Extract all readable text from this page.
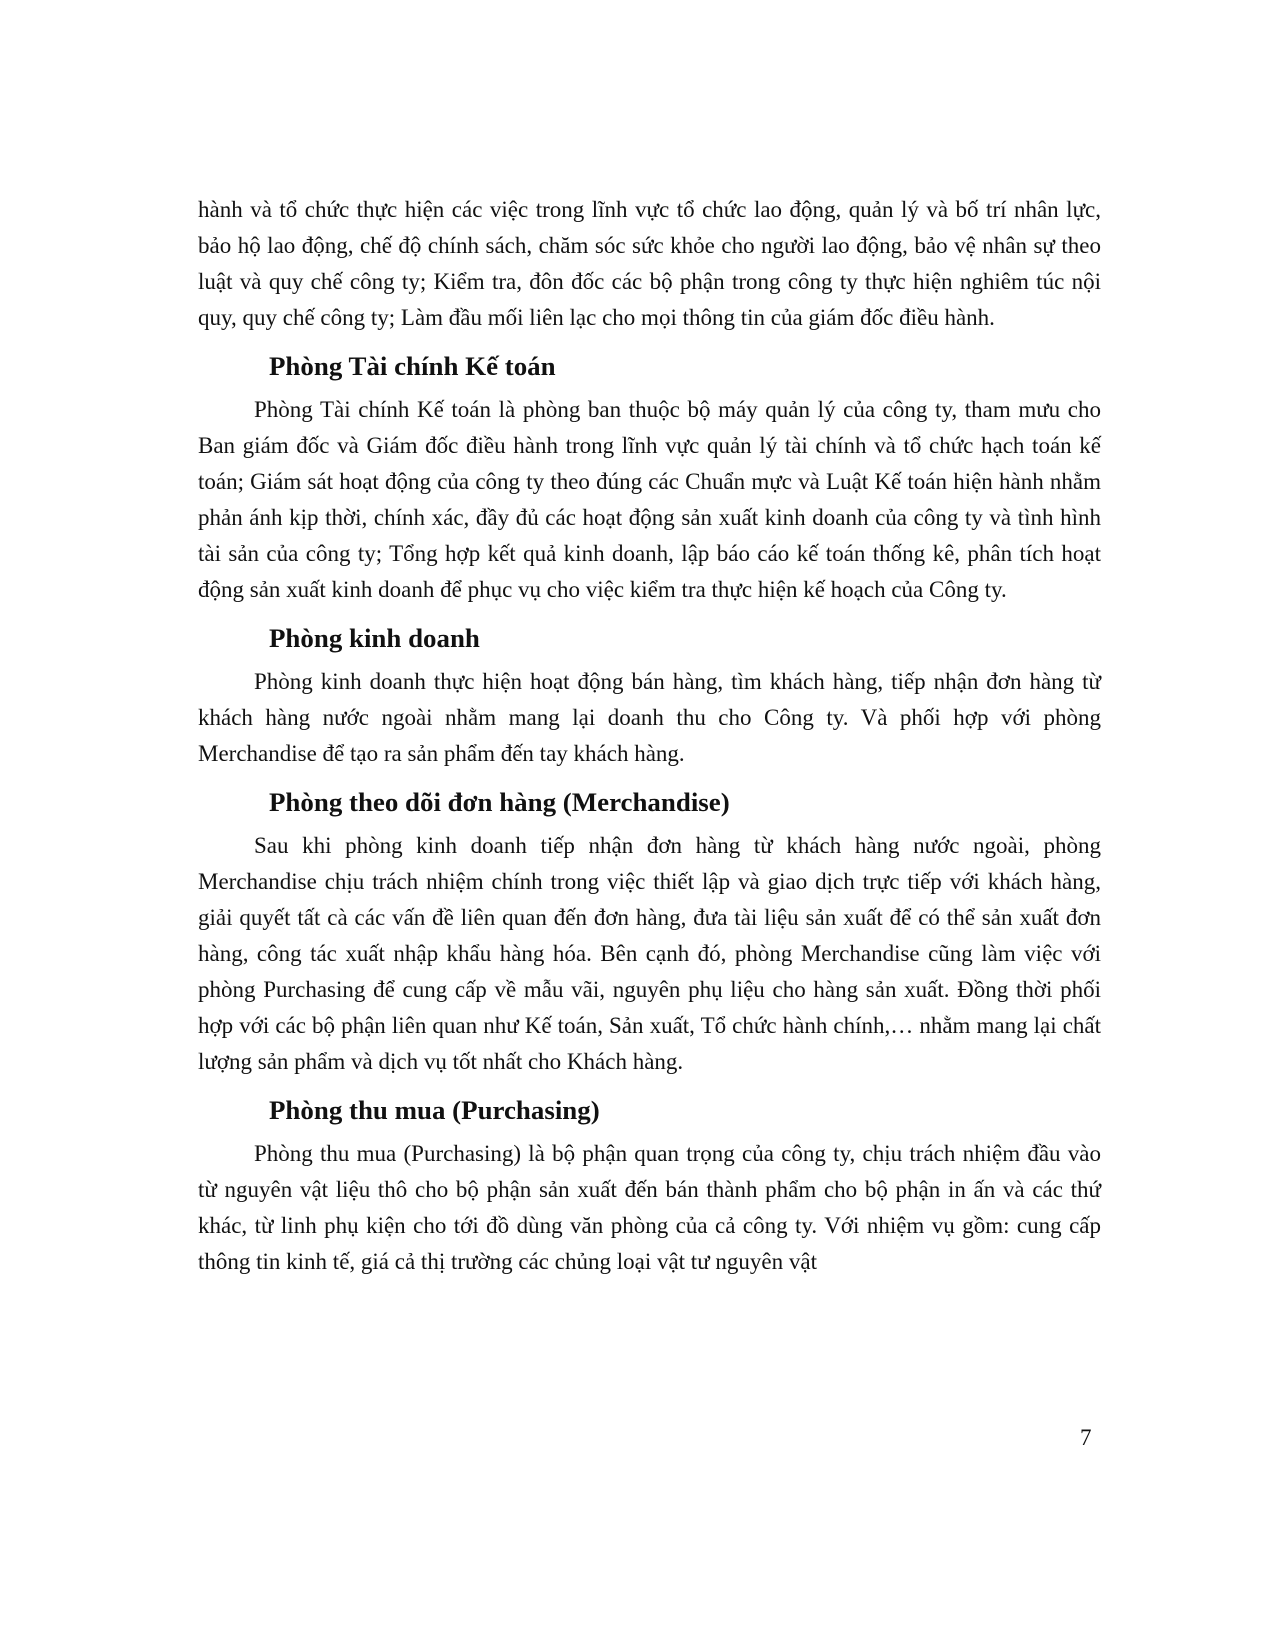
hành và tổ chức thực hiện các việc trong lĩnh vực tổ chức lao động, quản lý và bố trí nhân lực, bảo hộ lao động, chế độ chính sách, chăm sóc sức khỏe cho người lao động, bảo vệ nhân sự theo luật và quy chế công ty; Kiểm tra, đôn đốc các bộ phận trong công ty thực hiện nghiêm túc nội quy, quy chế công ty; Làm đầu mối liên lạc cho mọi thông tin của giám đốc điều hành.

Phòng Tài chính Kế toán

Phòng Tài chính Kế toán là phòng ban thuộc bộ máy quản lý của công ty, tham mưu cho Ban giám đốc và Giám đốc điều hành trong lĩnh vực quản lý tài chính và tổ chức hạch toán kế toán; Giám sát hoạt động của công ty theo đúng các Chuẩn mực và Luật Kế toán hiện hành nhằm phản ánh kịp thời, chính xác, đầy đủ các hoạt động sản xuất kinh doanh của công ty và tình hình tài sản của công ty; Tổng hợp kết quả kinh doanh, lập báo cáo kế toán thống kê, phân tích hoạt động sản xuất kinh doanh để phục vụ cho việc kiểm tra thực hiện kế hoạch của Công ty.

Phòng kinh doanh

Phòng kinh doanh thực hiện hoạt động bán hàng, tìm khách hàng, tiếp nhận đơn hàng từ khách hàng nước ngoài nhằm mang lại doanh thu cho Công ty. Và phối hợp với phòng Merchandise để tạo ra sản phẩm đến tay khách hàng.

Phòng theo dõi đơn hàng (Merchandise)

Sau khi phòng kinh doanh tiếp nhận đơn hàng từ khách hàng nước ngoài, phòng Merchandise chịu trách nhiệm chính trong việc thiết lập và giao dịch trực tiếp với khách hàng, giải quyết tất cà các vấn đề liên quan đến đơn hàng, đưa tài liệu sản xuất để có thể sản xuất đơn hàng, công tác xuất nhập khẩu hàng hóa. Bên cạnh đó, phòng Merchandise cũng làm việc với phòng Purchasing để cung cấp về mẫu vãi, nguyên phụ liệu cho hàng sản xuất. Đồng thời phối hợp với các bộ phận liên quan như Kế toán, Sản xuất, Tổ chức hành chính,… nhằm mang lại chất lượng sản phẩm và dịch vụ tốt nhất cho Khách hàng.

Phòng thu mua (Purchasing)

Phòng thu mua (Purchasing) là bộ phận quan trọng của công ty, chịu trách nhiệm đầu vào từ nguyên vật liệu thô cho bộ phận sản xuất đến bán thành phẩm cho bộ phận in ấn và các thứ khác, từ linh phụ kiện cho tới đồ dùng văn phòng của cả công ty. Với nhiệm vụ gồm: cung cấp thông tin kinh tế, giá cả thị trường các chủng loại vật tư nguyên vật

7
